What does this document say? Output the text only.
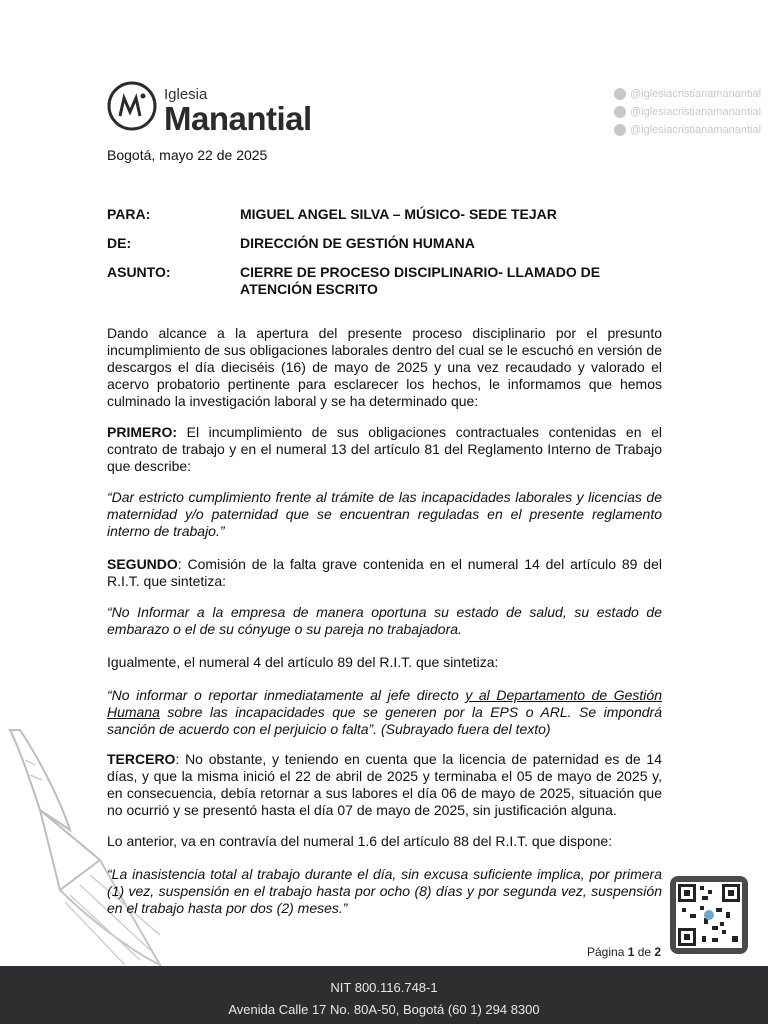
Iglesia
Manantial
@iglesiacristianamanantial
@iglesiacristianamanantial
@iglesiacristianamanantial
Bogotá, mayo 22 de 2025
PARA:	MIGUEL ANGEL SILVA – MÚSICO- SEDE TEJAR
DE:	DIRECCIÓN DE GESTIÓN HUMANA
ASUNTO:	CIERRE DE PROCESO DISCIPLINARIO- LLAMADO DE ATENCIÓN ESCRITO
Dando alcance a la apertura del presente proceso disciplinario por el presunto incumplimiento de sus obligaciones laborales dentro del cual se le escuchó en versión de descargos el día dieciséis (16) de mayo de 2025 y una vez recaudado y valorado el acervo probatorio pertinente para esclarecer los hechos, le informamos que hemos culminado la investigación laboral y se ha determinado que:
PRIMERO: El incumplimiento de sus obligaciones contractuales contenidas en el contrato de trabajo y en el numeral 13 del artículo 81 del Reglamento Interno de Trabajo que describe:
“Dar estricto cumplimiento frente al trámite de las incapacidades laborales y licencias de maternidad y/o paternidad que se encuentran reguladas en el presente reglamento interno de trabajo.”
SEGUNDO: Comisión de la falta grave contenida en el numeral 14 del artículo 89 del R.I.T. que sintetiza:
“No Informar a la empresa de manera oportuna su estado de salud, su estado de embarazo o el de su cónyuge o su pareja no trabajadora.
Igualmente, el numeral 4 del artículo 89 del R.I.T. que sintetiza:
“No informar o reportar inmediatamente al jefe directo y al Departamento de Gestión Humana sobre las incapacidades que se generen por la EPS o ARL. Se impondrá sanción de acuerdo con el perjuicio o falta”. (Subrayado fuera del texto)
TERCERO: No obstante, y teniendo en cuenta que la licencia de paternidad es de 14 días, y que la misma inició el 22 de abril de 2025 y terminaba el 05 de mayo de 2025 y, en consecuencia, debía retornar a sus labores el día 06 de mayo de 2025, situación que no ocurrió y se presentó hasta el día 07 de mayo de 2025, sin justificación alguna.
Lo anterior, va en contravía del numeral 1.6 del artículo 88 del R.I.T. que dispone:
“La inasistencia total al trabajo durante el día, sin excusa suficiente implica, por primera (1) vez, suspensión en el trabajo hasta por ocho (8) días y por segunda vez, suspensión en el trabajo hasta por dos (2) meses.”
Página 1 de 2
NIT 800.116.748-1
Avenida Calle 17 No. 80A-50, Bogotá (60 1) 294 8300
